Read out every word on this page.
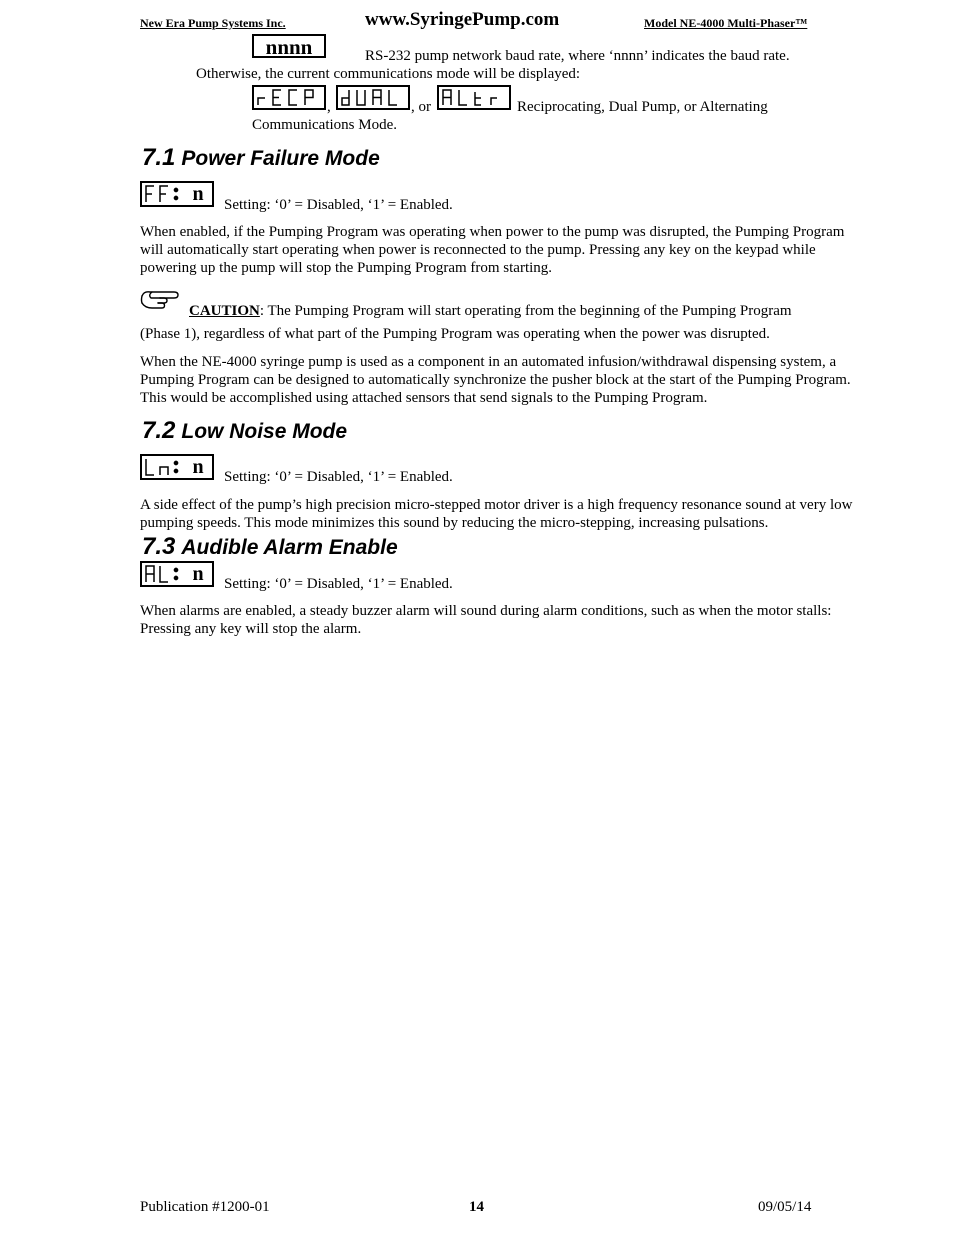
New Era Pump Systems Inc.	www.SyringePump.com	Model NE-4000 Multi-Phaser™
nnnn	RS-232 pump network baud rate, where ‘nnnn’ indicates the baud rate.
Otherwise, the current communications mode will be displayed:
,	, or	Reciprocating, Dual Pump, or Alternating
Communications Mode.
7.1 Power Failure Mode
n
Setting: ‘0’ = Disabled, ‘1’ = Enabled.
When enabled, if the Pumping Program was operating when power to the pump was disrupted, the Pumping Program will automatically start operating when power is reconnected to the pump. Pressing any key on the keypad while powering up the pump will stop the Pumping Program from starting.
CAUTION: The Pumping Program will start operating from the beginning of the Pumping Program
(Phase 1), regardless of what part of the Pumping Program was operating when the power was disrupted.
When the NE-4000 syringe pump is used as a component in an automated infusion/withdrawal dispensing system, a Pumping Program can be designed to automatically synchronize the pusher block at the start of the Pumping Program. This would be accomplished using attached sensors that send signals to the Pumping Program.
7.2 Low Noise Mode
n	Setting: ‘0’ = Disabled, ‘1’ = Enabled.
A side effect of the pump’s high precision micro-stepped motor driver is a high frequency resonance sound at very low pumping speeds. This mode minimizes this sound by reducing the micro-stepping, increasing pulsations.
7.3 Audible Alarm Enable
n	Setting: ‘0’ = Disabled, ‘1’ = Enabled.
When alarms are enabled, a steady buzzer alarm will sound during alarm conditions, such as when the motor stalls: Pressing any key will stop the alarm.
Publication #1200-01	14	09/05/14
